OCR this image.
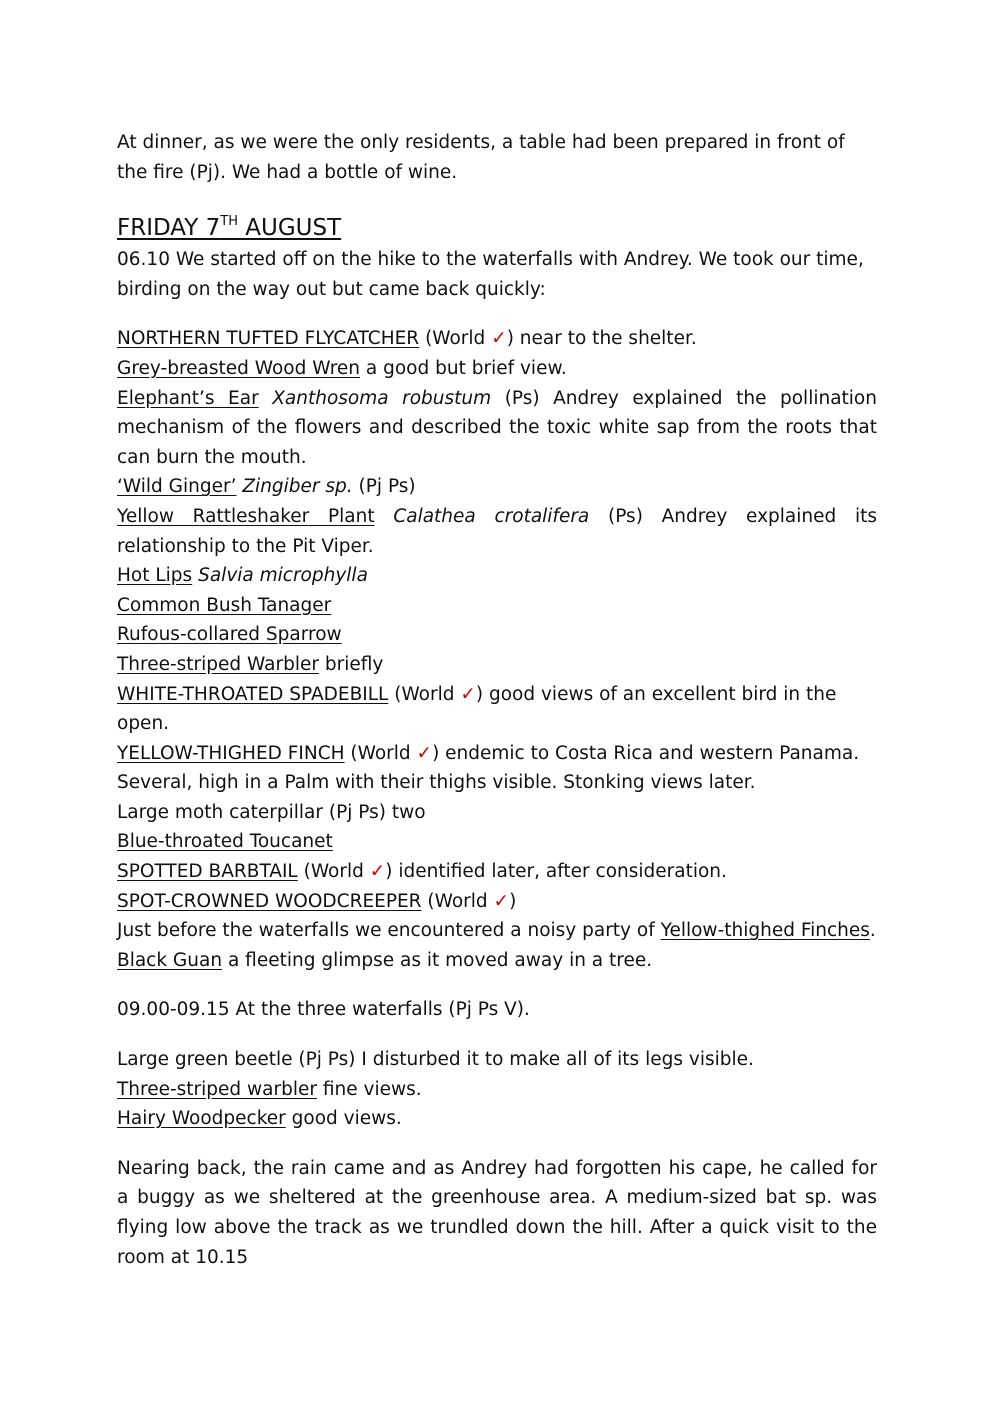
At dinner, as we were the only residents, a table had been prepared in front of the fire (Pj). We had a bottle of wine.

FRIDAY 7TH AUGUST

06.10 We started off on the hike to the waterfalls with Andrey. We took our time, birding on the way out but came back quickly:

NORTHERN TUFTED FLYCATCHER (World ✓) near to the shelter.

Grey-breasted Wood Wren a good but brief view.

Elephant’s Ear Xanthosoma robustum (Ps) Andrey explained the pollination mechanism of the flowers and described the toxic white sap from the roots that can burn the mouth.

‘Wild Ginger’ Zingiber sp. (Pj Ps)

Yellow Rattleshaker Plant Calathea crotalifera (Ps) Andrey explained its relationship to the Pit Viper.

Hot Lips Salvia microphylla

Common Bush Tanager

Rufous-collared Sparrow

Three-striped Warbler briefly

WHITE-THROATED SPADEBILL (World ✓) good views of an excellent bird in the open.

YELLOW-THIGHED FINCH (World ✓) endemic to Costa Rica and western Panama. Several, high in a Palm with their thighs visible. Stonking views later.

Large moth caterpillar (Pj Ps) two

Blue-throated Toucanet

SPOTTED BARBTAIL (World ✓) identified later, after consideration.

SPOT-CROWNED WOODCREEPER (World ✓)

Just before the waterfalls we encountered a noisy party of Yellow-thighed Finches.

Black Guan a fleeting glimpse as it moved away in a tree.

09.00-09.15 At the three waterfalls (Pj Ps V).

Large green beetle (Pj Ps) I disturbed it to make all of its legs visible.

Three-striped warbler fine views.

Hairy Woodpecker good views.

Nearing back, the rain came and as Andrey had forgotten his cape, he called for a buggy as we sheltered at the greenhouse area. A medium-sized bat sp. was flying low above the track as we trundled down the hill. After a quick visit to the room at 10.15
